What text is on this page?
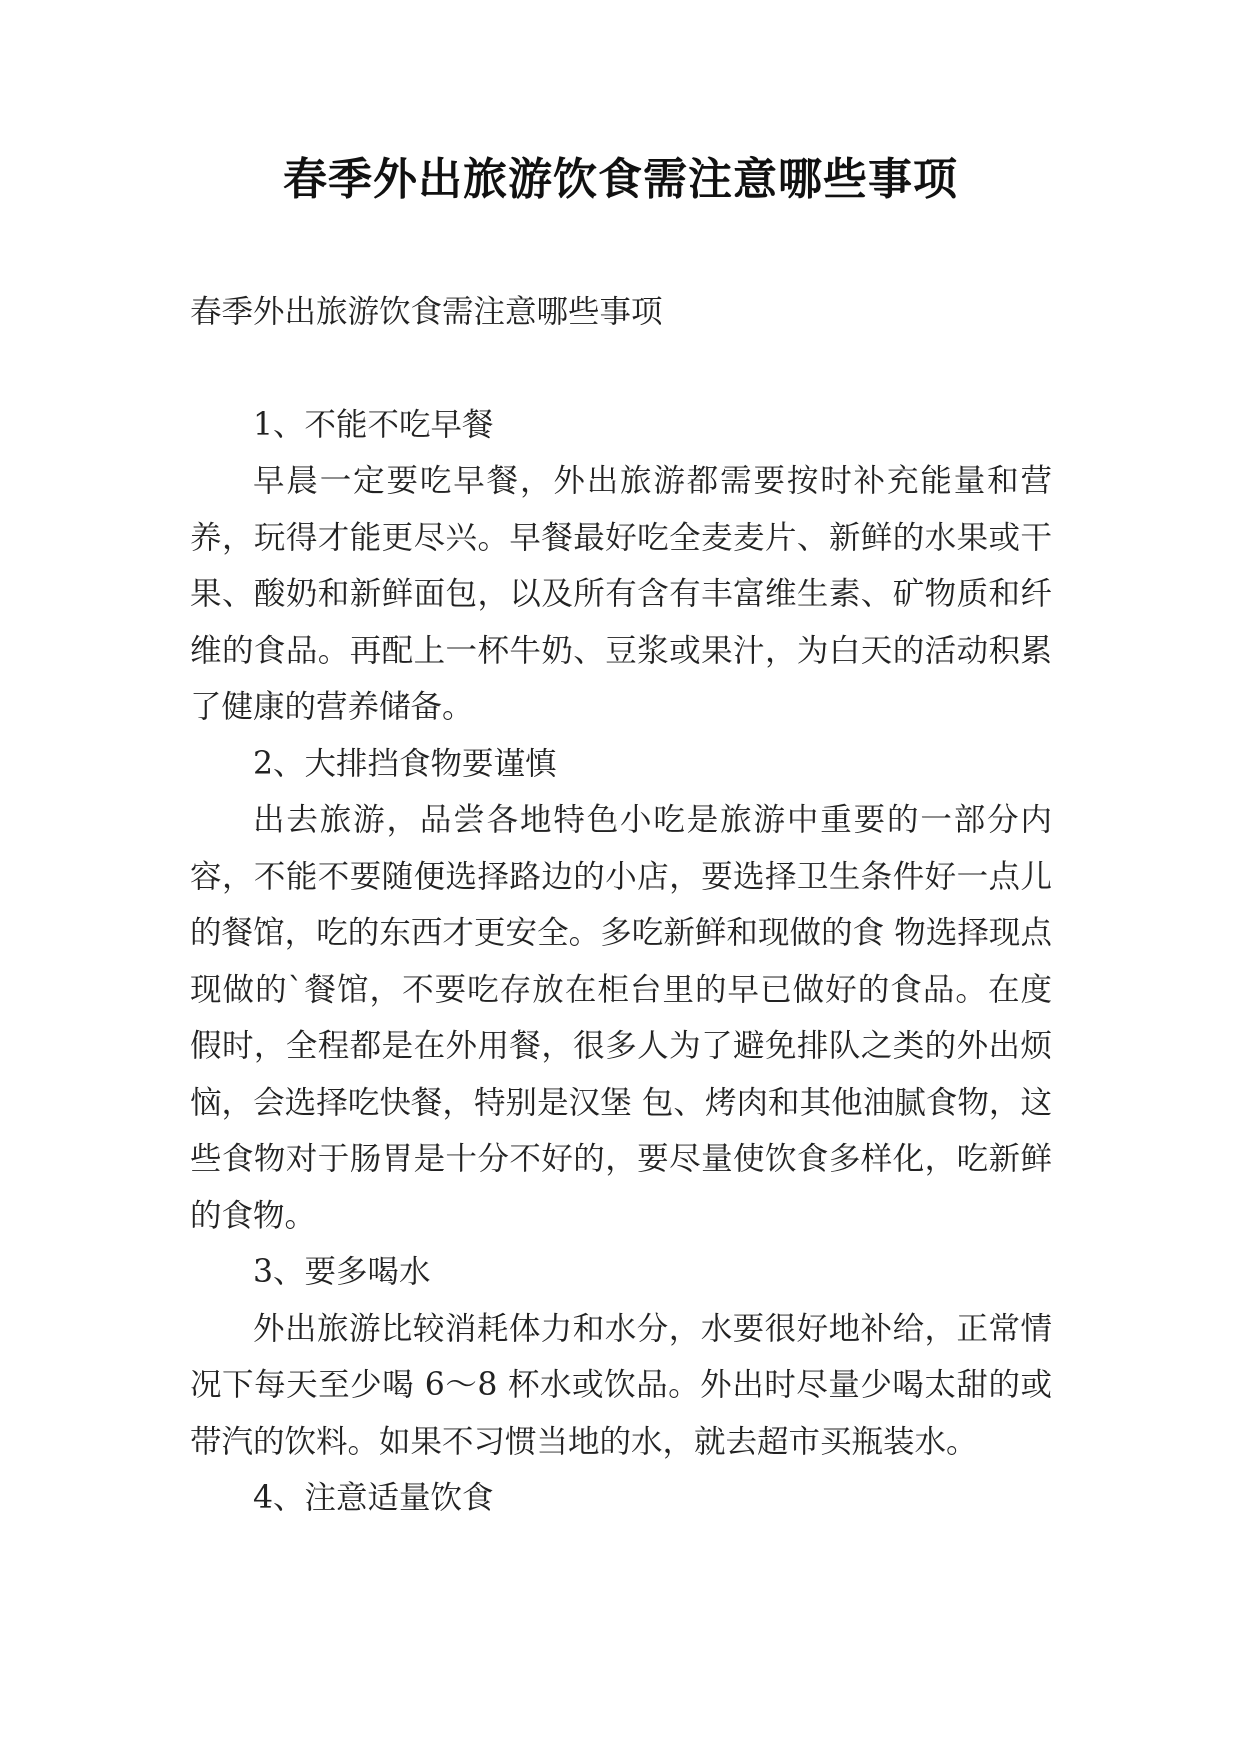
春季外出旅游饮食需注意哪些事项

春季外出旅游饮食需注意哪些事项

1、不能不吃早餐

早晨一定要吃早餐，外出旅游都需要按时补充能量和营养，玩得才能更尽兴。早餐最好吃全麦麦片、新鲜的水果或干果、酸奶和新鲜面包，以及所有含有丰富维生素、矿物质和纤维的食品。再配上一杯牛奶、豆浆或果汁，为白天的活动积累了健康的营养储备。

2、大排挡食物要谨慎

出去旅游，品尝各地特色小吃是旅游中重要的一部分内容，不能不要随便选择路边的小店，要选择卫生条件好一点儿的餐馆，吃的东西才更安全。多吃新鲜和现做的食 物选择现点现做的`餐馆，不要吃存放在柜台里的早已做好的食品。在度假时，全程都是在外用餐，很多人为了避免排队之类的外出烦恼，会选择吃快餐，特别是汉堡 包、烤肉和其他油腻食物，这些食物对于肠胃是十分不好的，要尽量使饮食多样化，吃新鲜的食物。

3、要多喝水

外出旅游比较消耗体力和水分，水要很好地补给，正常情况下每天至少喝 6～8 杯水或饮品。外出时尽量少喝太甜的或带汽的饮料。如果不习惯当地的水，就去超市买瓶装水。

4、注意适量饮食
